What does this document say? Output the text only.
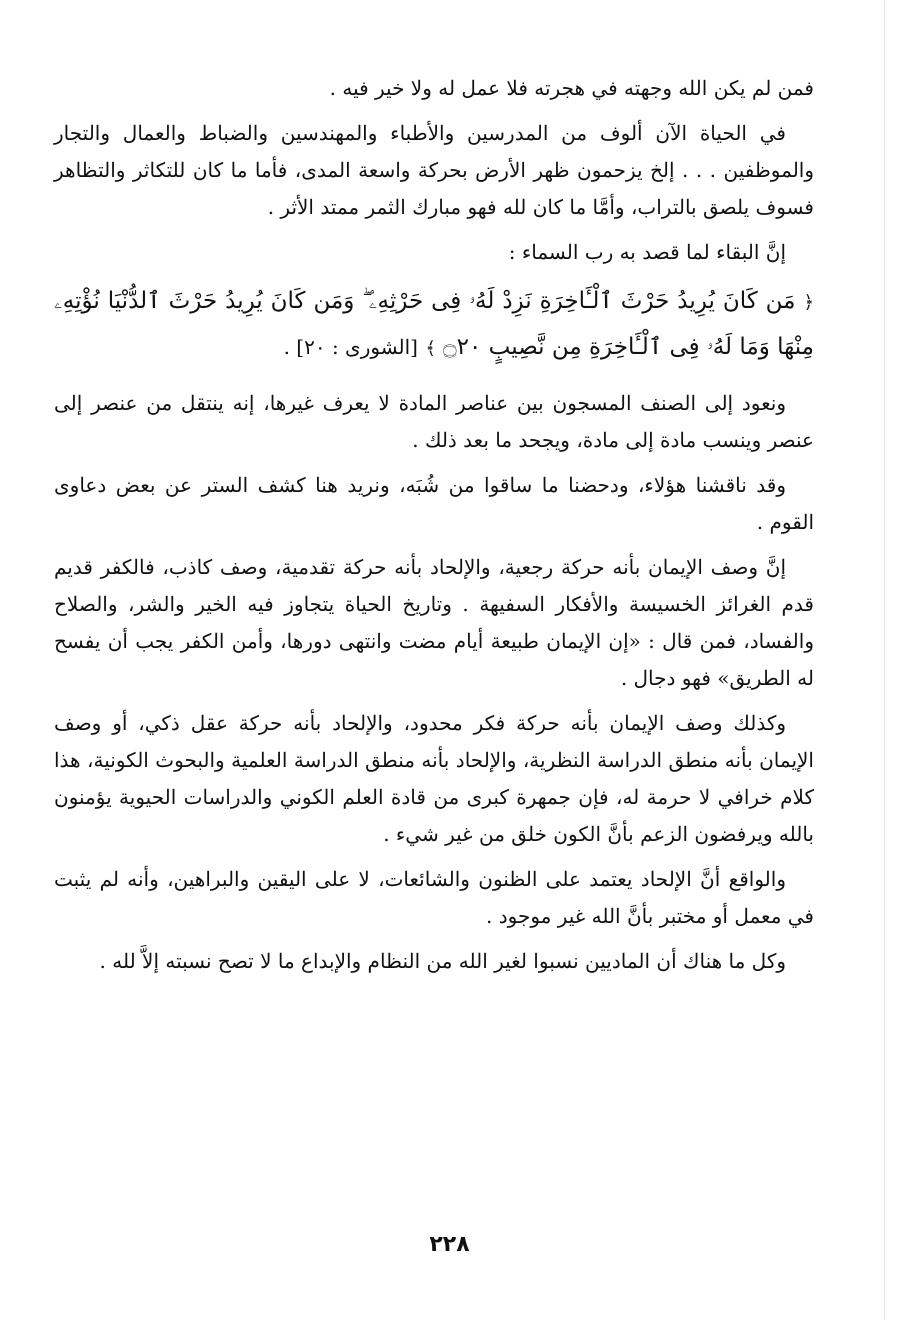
فمن لم يكن الله وجهته في هجرته فلا عمل له ولا خير فيه .

في الحياة الآن ألوف من المدرسين والأطباء والمهندسين والضباط والعمال والتجار والموظفين . . . إلخ يزحمون ظهر الأرض بحركة واسعة المدى، فأما ما كان للتكاثر والتظاهر فسوف يلصق بالتراب، وأمَّا ما كان لله فهو مبارك الثمر ممتد الأثر .

إنَّ البقاء لما قصد به رب السماء :

﴿ مَن كَانَ يُرِيدُ حَرْثَ ٱلْـَٔاخِرَةِ نَزِدْ لَهُۥ فِى حَرْثِهِۦ ۖ وَمَن كَانَ يُرِيدُ حَرْثَ ٱلدُّنْيَا نُؤْتِهِۦ مِنْهَا وَمَا لَهُۥ فِى ٱلْـَٔاخِرَةِ مِن نَّصِيبٍ ۝٢٠ ﴾ [الشورى : ٢٠] .

ونعود إلى الصنف المسجون بين عناصر المادة لا يعرف غيرها، إنه ينتقل من عنصر إلى عنصر وينسب مادة إلى مادة، ويجحد ما بعد ذلك .

وقد ناقشنا هؤلاء، ودحضنا ما ساقوا من شُبَه، ونريد هنا كشف الستر عن بعض دعاوى القوم .

إنَّ وصف الإيمان بأنه حركة رجعية، والإلحاد بأنه حركة تقدمية، وصف كاذب، فالكفر قديم قدم الغرائز الخسيسة والأفكار السفيهة . وتاريخ الحياة يتجاوز فيه الخير والشر، والصلاح والفساد، فمن قال : «إن الإيمان طبيعة أيام مضت وانتهى دورها، وأمن الكفر يجب أن يفسح له الطريق» فهو دجال .

وكذلك وصف الإيمان بأنه حركة فكر محدود، والإلحاد بأنه حركة عقل ذكي، أو وصف الإيمان بأنه منطق الدراسة النظرية، والإلحاد بأنه منطق الدراسة العلمية والبحوث الكونية، هذا كلام خرافي لا حرمة له، فإن جمهرة كبرى من قادة العلم الكوني والدراسات الحيوية يؤمنون بالله ويرفضون الزعم بأنَّ الكون خلق من غير شيء .

والواقع أنَّ الإلحاد يعتمد على الظنون والشائعات، لا على اليقين والبراهين، وأنه لم يثبت في معمل أو مختبر بأنَّ الله غير موجود .

وكل ما هناك أن الماديين نسبوا لغير الله من النظام والإبداع ما لا تصح نسبته إلاَّ لله .

٢٢٨
